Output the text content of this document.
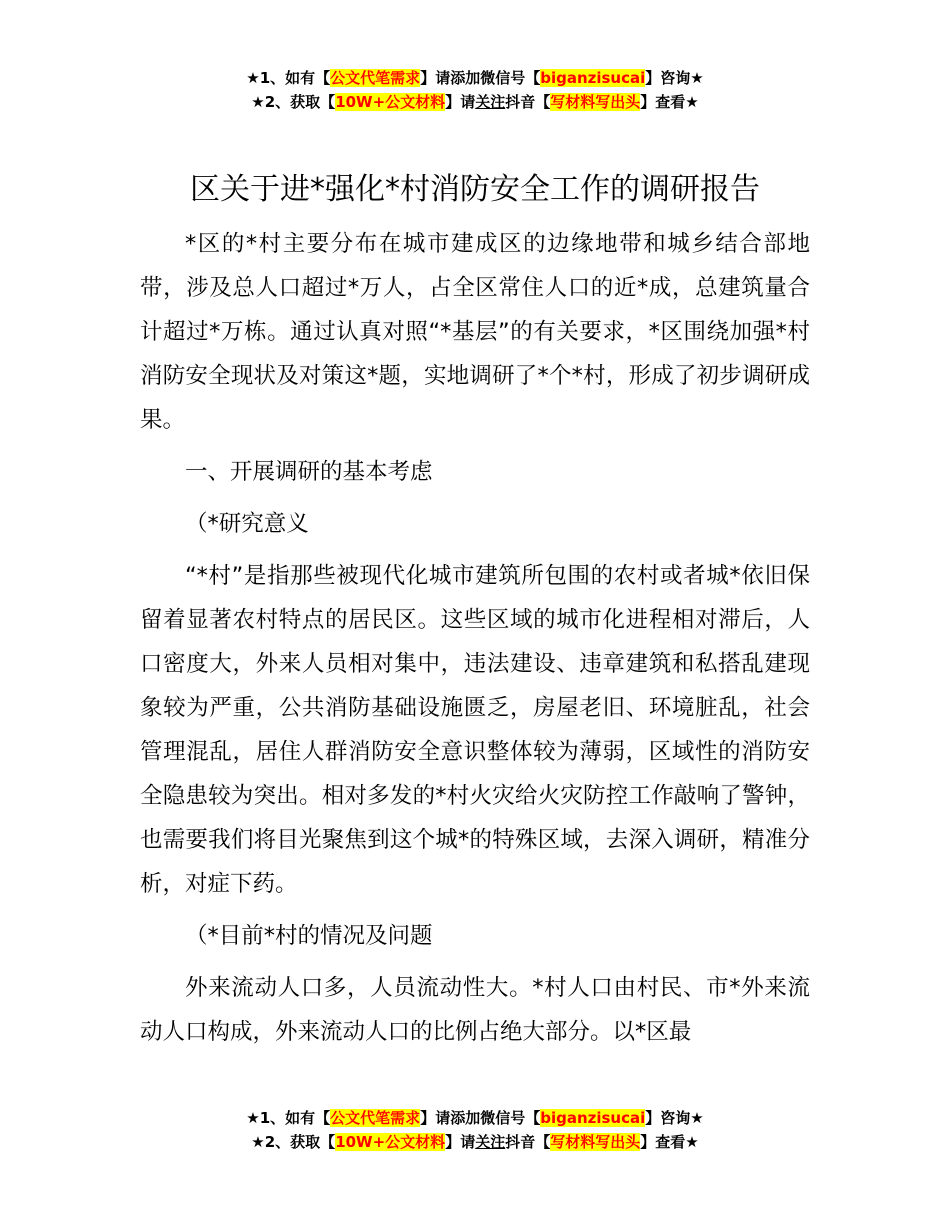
★1、如有【公文代笔需求】请添加微信号【biganzisucai】咨询★
★2、获取【10W+公文材料】请关注抖音【写材料写出头】查看★
区关于进*强化*村消防安全工作的调研报告

*区的*村主要分布在城市建成区的边缘地带和城乡结合部地带，涉及总人口超过*万人，占全区常住人口的近*成，总建筑量合计超过*万栋。通过认真对照“*基层”的有关要求，*区围绕加强*村消防安全现状及对策这*题，实地调研了*个*村，形成了初步调研成果。

一、开展调研的基本考虑

（*研究意义

“*村”是指那些被现代化城市建筑所包围的农村或者城*依旧保留着显著农村特点的居民区。这些区域的城市化进程相对滞后，人口密度大，外来人员相对集中，违法建设、违章建筑和私搭乱建现象较为严重，公共消防基础设施匮乏，房屋老旧、环境脏乱，社会管理混乱，居住人群消防安全意识整体较为薄弱，区域性的消防安全隐患较为突出。相对多发的*村火灾给火灾防控工作敲响了警钟，也需要我们将目光聚焦到这个城*的特殊区域，去深入调研，精准分析，对症下药。

（*目前*村的情况及问题

外来流动人口多，人员流动性大。*村人口由村民、市*外来流动人口构成，外来流动人口的比例占绝大部分。以*区最

★1、如有【公文代笔需求】请添加微信号【biganzisucai】咨询★
★2、获取【10W+公文材料】请关注抖音【写材料写出头】查看★
